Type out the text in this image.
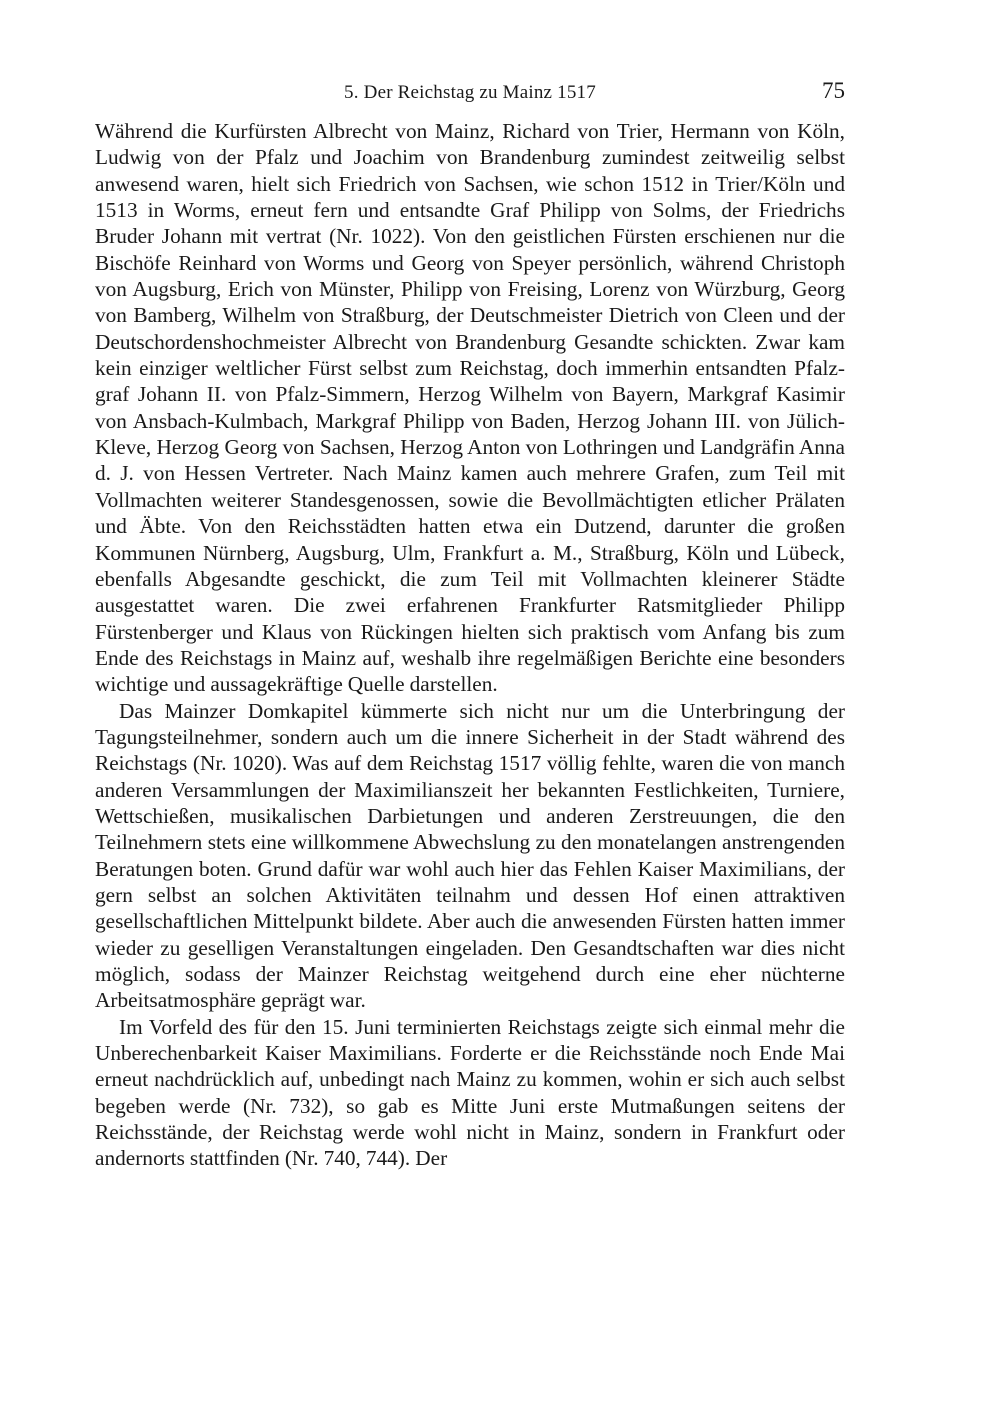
5. Der Reichstag zu Mainz 1517	75

Während die Kurfürsten Albrecht von Mainz, Richard von Trier, Hermann von Köln, Ludwig von der Pfalz und Joachim von Brandenburg zumindest zeitweilig selbst anwesend waren, hielt sich Friedrich von Sachsen, wie schon 1512 in Trier/Köln und 1513 in Worms, erneut fern und entsandte Graf Philipp von Solms, der Friedrichs Bruder Johann mit vertrat (Nr. 1022). Von den geistlichen Fürsten erschienen nur die Bischöfe Reinhard von Worms und Georg von Speyer persönlich, während Christoph von Augsburg, Erich von Münster, Philipp von Freising, Lorenz von Würzburg, Georg von Bamberg, Wilhelm von Straßburg, der Deutschmeister Dietrich von Cleen und der Deutschordenshochmeister Albrecht von Brandenburg Gesandte schickten. Zwar kam kein einziger weltlicher Fürst selbst zum Reichstag, doch immerhin entsandten Pfalzgraf Johann II. von Pfalz-Simmern, Herzog Wilhelm von Bayern, Markgraf Kasimir von Ansbach-Kulmbach, Markgraf Philipp von Baden, Herzog Johann III. von Jülich-Kleve, Herzog Georg von Sachsen, Herzog Anton von Lothringen und Landgräfin Anna d. J. von Hessen Vertreter. Nach Mainz kamen auch mehrere Grafen, zum Teil mit Vollmachten weiterer Standesgenossen, sowie die Bevollmächtigten etlicher Prälaten und Äbte. Von den Reichsstädten hatten etwa ein Dutzend, darunter die großen Kommunen Nürnberg, Augsburg, Ulm, Frankfurt a. M., Straßburg, Köln und Lübeck, ebenfalls Abgesandte geschickt, die zum Teil mit Vollmachten kleinerer Städte ausgestattet waren. Die zwei erfahrenen Frankfurter Ratsmitglieder Philipp Fürstenberger und Klaus von Rückingen hielten sich praktisch vom Anfang bis zum Ende des Reichstags in Mainz auf, weshalb ihre regelmäßigen Berichte eine besonders wichtige und aussagekräftige Quelle darstellen.

Das Mainzer Domkapitel kümmerte sich nicht nur um die Unterbringung der Tagungsteilnehmer, sondern auch um die innere Sicherheit in der Stadt während des Reichstags (Nr. 1020). Was auf dem Reichstag 1517 völlig fehlte, waren die von manch anderen Versammlungen der Maximilianszeit her bekannten Festlichkeiten, Turniere, Wettschießen, musikalischen Darbietungen und anderen Zerstreuungen, die den Teilnehmern stets eine willkommene Abwechslung zu den monatelangen anstrengenden Beratungen boten. Grund dafür war wohl auch hier das Fehlen Kaiser Maximilians, der gern selbst an solchen Aktivitäten teilnahm und dessen Hof einen attraktiven gesellschaftlichen Mittelpunkt bildete. Aber auch die anwesenden Fürsten hatten immer wieder zu geselligen Veranstaltungen eingeladen. Den Gesandtschaften war dies nicht möglich, sodass der Mainzer Reichstag weitgehend durch eine eher nüchterne Arbeitsatmosphäre geprägt war.

Im Vorfeld des für den 15. Juni terminierten Reichstags zeigte sich einmal mehr die Unberechenbarkeit Kaiser Maximilians. Forderte er die Reichsstände noch Ende Mai erneut nachdrücklich auf, unbedingt nach Mainz zu kommen, wohin er sich auch selbst begeben werde (Nr. 732), so gab es Mitte Juni erste Mutmaßungen seitens der Reichsstände, der Reichstag werde wohl nicht in Mainz, sondern in Frankfurt oder andernorts stattfinden (Nr. 740, 744). Der
